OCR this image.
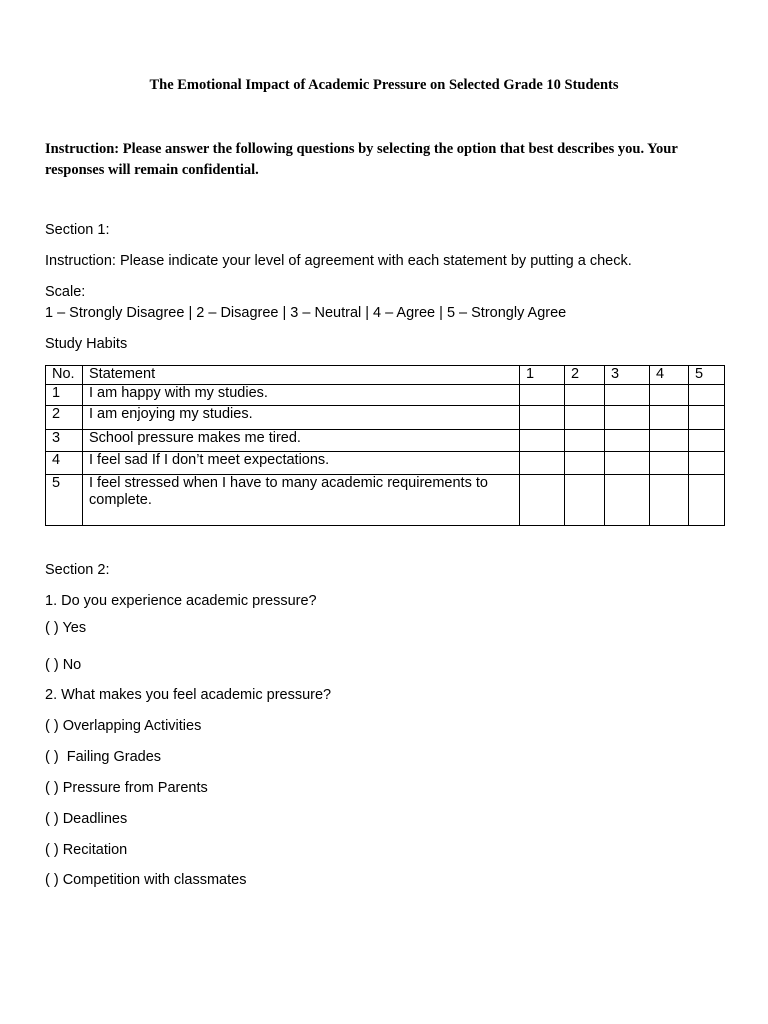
The Emotional Impact of Academic Pressure on Selected Grade 10 Students
Instruction: Please answer the following questions by selecting the option that best describes you. Your responses will remain confidential.
Section 1:
Instruction: Please indicate your level of agreement with each statement by putting a check.
Scale:
1 – Strongly Disagree | 2 – Disagree | 3 – Neutral | 4 – Agree | 5 – Strongly Agree
Study Habits
No.	Statement	1	2	3	4	5
1	I am happy with my studies.					
2	I am enjoying my studies.					
3	School pressure makes me tired.					
4	I feel sad If I don’t meet expectations.					
5	I feel stressed when I have to many academic requirements to complete.					
Section 2:
1. Do you experience academic pressure?
( ) Yes
( ) No
2. What makes you feel academic pressure?
( ) Overlapping Activities
( )  Failing Grades
( ) Pressure from Parents
( ) Deadlines
( ) Recitation
( ) Competition with classmates
